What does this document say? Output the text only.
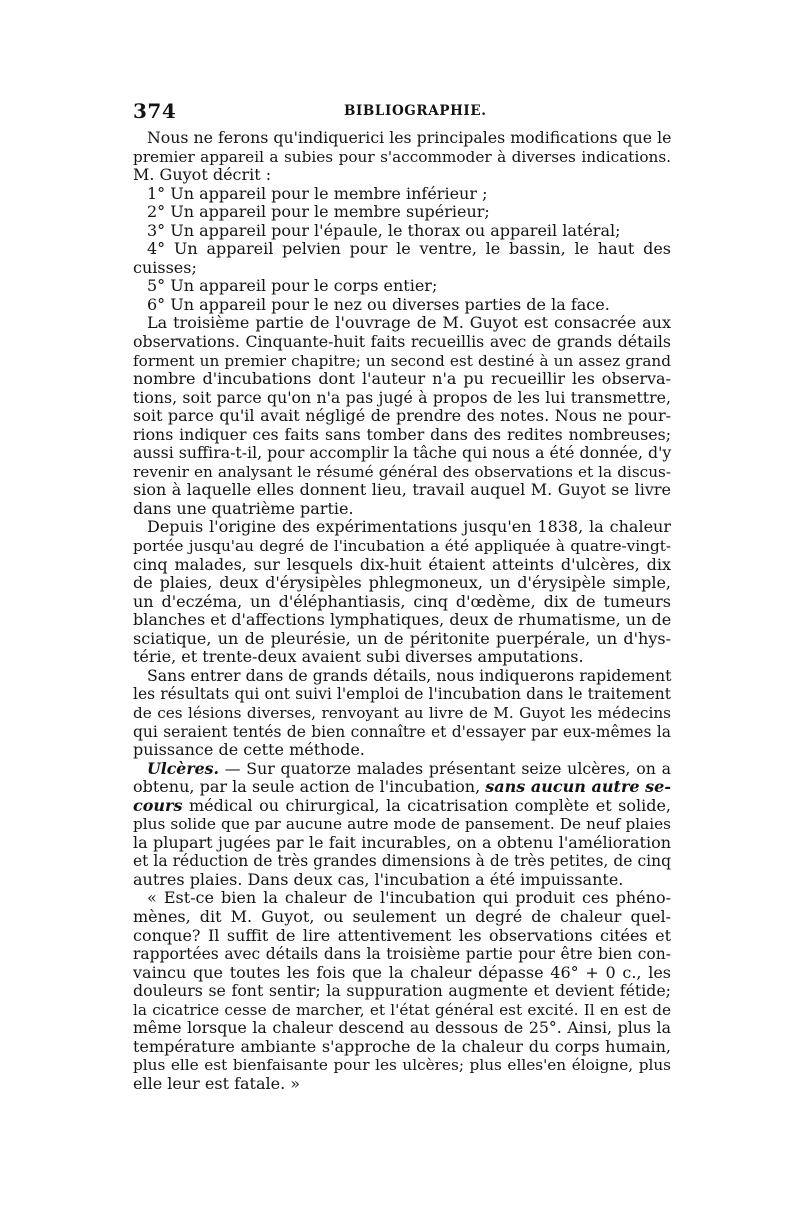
374	BIBLIOGRAPHIE.
Nous ne ferons qu'indiquerici les principales modifications que le
premier appareil a subies pour s'accommoder à diverses indications.
M. Guyot décrit :
1° Un appareil pour le membre inférieur ;
2° Un appareil pour le membre supérieur;
3° Un appareil pour l'épaule, le thorax ou appareil latéral;
4° Un appareil pelvien pour le ventre, le bassin, le haut des
cuisses;
5° Un appareil pour le corps entier;
6° Un appareil pour le nez ou diverses parties de la face.
La troisième partie de l'ouvrage de M. Guyot est consacrée aux
observations. Cinquante-huit faits recueillis avec de grands détails
forment un premier chapitre; un second est destiné à un assez grand
nombre d'incubations dont l'auteur n'a pu recueillir les observa-
tions, soit parce qu'on n'a pas jugé à propos de les lui transmettre,
soit parce qu'il avait négligé de prendre des notes. Nous ne pour-
rions indiquer ces faits sans tomber dans des redites nombreuses;
aussi suffira-t-il, pour accomplir la tâche qui nous a été donnée, d'y
revenir en analysant le résumé général des observations et la discus-
sion à laquelle elles donnent lieu, travail auquel M. Guyot se livre
dans une quatrième partie.
Depuis l'origine des expérimentations jusqu'en 1838, la chaleur
portée jusqu'au degré de l'incubation a été appliquée à quatre-vingt-
cinq malades, sur lesquels dix-huit étaient atteints d'ulcères, dix
de plaies, deux d'érysipèles phlegmoneux, un d'érysipèle simple,
un d'eczéma, un d'éléphantiasis, cinq d'œdème, dix de tumeurs
blanches et d'affections lymphatiques, deux de rhumatisme, un de
sciatique, un de pleurésie, un de péritonite puerpérale, un d'hys-
térie, et trente-deux avaient subi diverses amputations.
Sans entrer dans de grands détails, nous indiquerons rapidement
les résultats qui ont suivi l'emploi de l'incubation dans le traitement
de ces lésions diverses, renvoyant au livre de M. Guyot les médecins
qui seraient tentés de bien connaître et d'essayer par eux-mêmes la
puissance de cette méthode.
Ulcères. — Sur quatorze malades présentant seize ulcères, on a
obtenu, par la seule action de l'incubation, sans aucun autre se-
cours médical ou chirurgical, la cicatrisation complète et solide,
plus solide que par aucune autre mode de pansement. De neuf plaies
la plupart jugées par le fait incurables, on a obtenu l'amélioration
et la réduction de très grandes dimensions à de très petites, de cinq
autres plaies. Dans deux cas, l'incubation a été impuissante.
« Est-ce bien la chaleur de l'incubation qui produit ces phéno-
mènes, dit M. Guyot, ou seulement un degré de chaleur quel-
conque? Il suffit de lire attentivement les observations citées et
rapportées avec détails dans la troisième partie pour être bien con-
vaincu que toutes les fois que la chaleur dépasse 46° + 0 c., les
douleurs se font sentir; la suppuration augmente et devient fétide;
la cicatrice cesse de marcher, et l'état général est excité. Il en est de
même lorsque la chaleur descend au dessous de 25°. Ainsi, plus la
température ambiante s'approche de la chaleur du corps humain,
plus elle est bienfaisante pour les ulcères; plus elles'en éloigne, plus
elle leur est fatale. »
